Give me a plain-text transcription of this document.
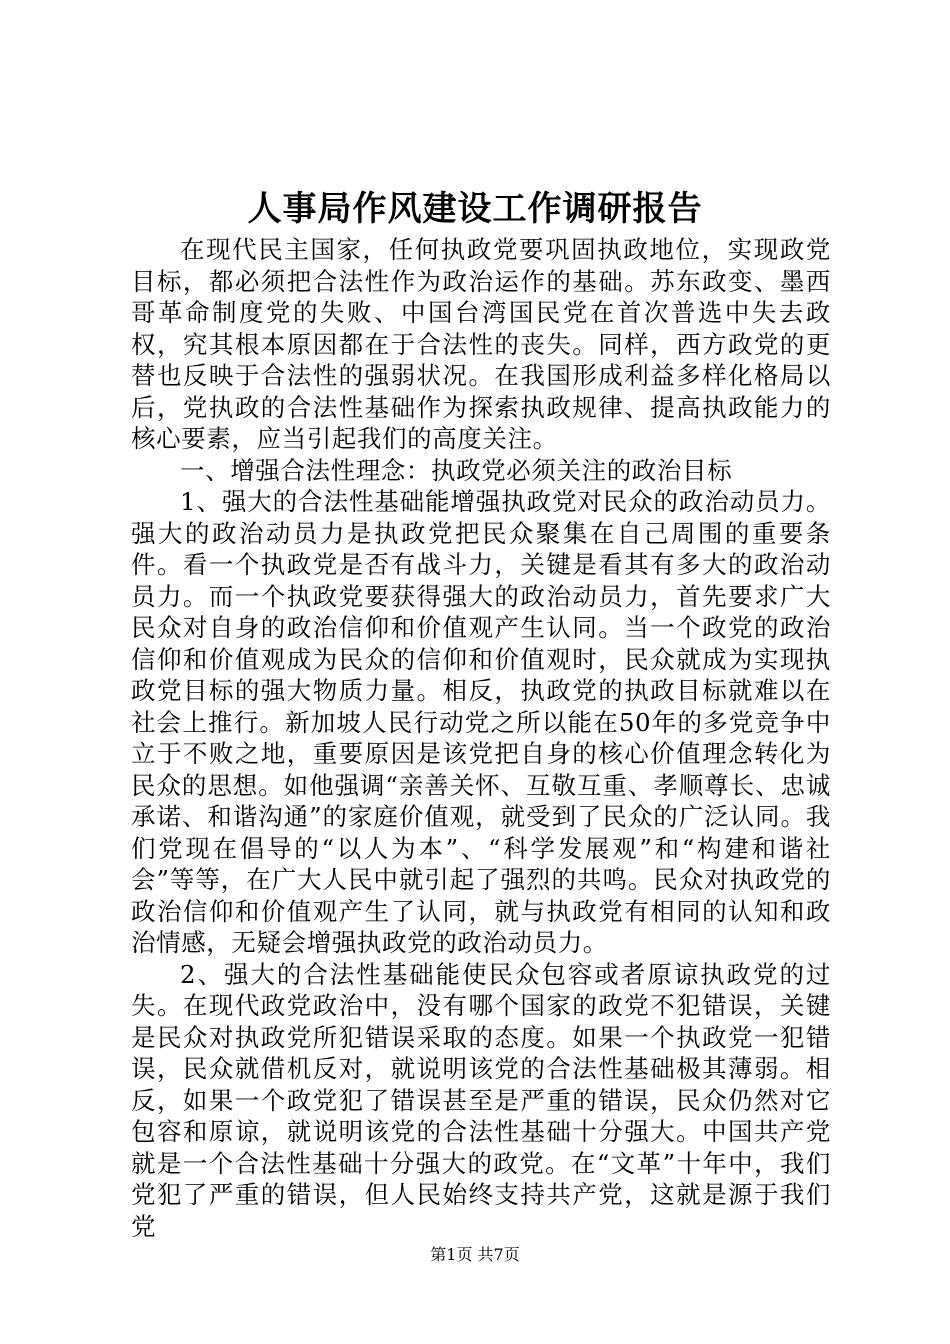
人事局作风建设工作调研报告

在现代民主国家，任何执政党要巩固执政地位，实现政党目标，都必须把合法性作为政治运作的基础。苏东政变、墨西哥革命制度党的失败、中国台湾国民党在首次普选中失去政权，究其根本原因都在于合法性的丧失。同样，西方政党的更替也反映于合法性的强弱状况。在我国形成利益多样化格局以后，党执政的合法性基础作为探索执政规律、提高执政能力的核心要素，应当引起我们的高度关注。

一、增强合法性理念：执政党必须关注的政治目标

1、强大的合法性基础能增强执政党对民众的政治动员力。强大的政治动员力是执政党把民众聚集在自己周围的重要条件。看一个执政党是否有战斗力，关键是看其有多大的政治动员力。而一个执政党要获得强大的政治动员力，首先要求广大民众对自身的政治信仰和价值观产生认同。当一个政党的政治信仰和价值观成为民众的信仰和价值观时，民众就成为实现执政党目标的强大物质力量。相反，执政党的执政目标就难以在社会上推行。新加坡人民行动党之所以能在50年的多党竞争中立于不败之地，重要原因是该党把自身的核心价值理念转化为民众的思想。如他强调“亲善关怀、互敬互重、孝顺尊长、忠诚承诺、和谐沟通”的家庭价值观，就受到了民众的广泛认同。我们党现在倡导的“以人为本”、“科学发展观”和“构建和谐社会”等等，在广大人民中就引起了强烈的共鸣。民众对执政党的政治信仰和价值观产生了认同，就与执政党有相同的认知和政治情感，无疑会增强执政党的政治动员力。

2、强大的合法性基础能使民众包容或者原谅执政党的过失。在现代政党政治中，没有哪个国家的政党不犯错误，关键是民众对执政党所犯错误采取的态度。如果一个执政党一犯错误，民众就借机反对，就说明该党的合法性基础极其薄弱。相反，如果一个政党犯了错误甚至是严重的错误，民众仍然对它包容和原谅，就说明该党的合法性基础十分强大。中国共产党就是一个合法性基础十分强大的政党。在“文革”十年中，我们党犯了严重的错误，但人民始终支持共产党，这就是源于我们党

第1页 共7页
